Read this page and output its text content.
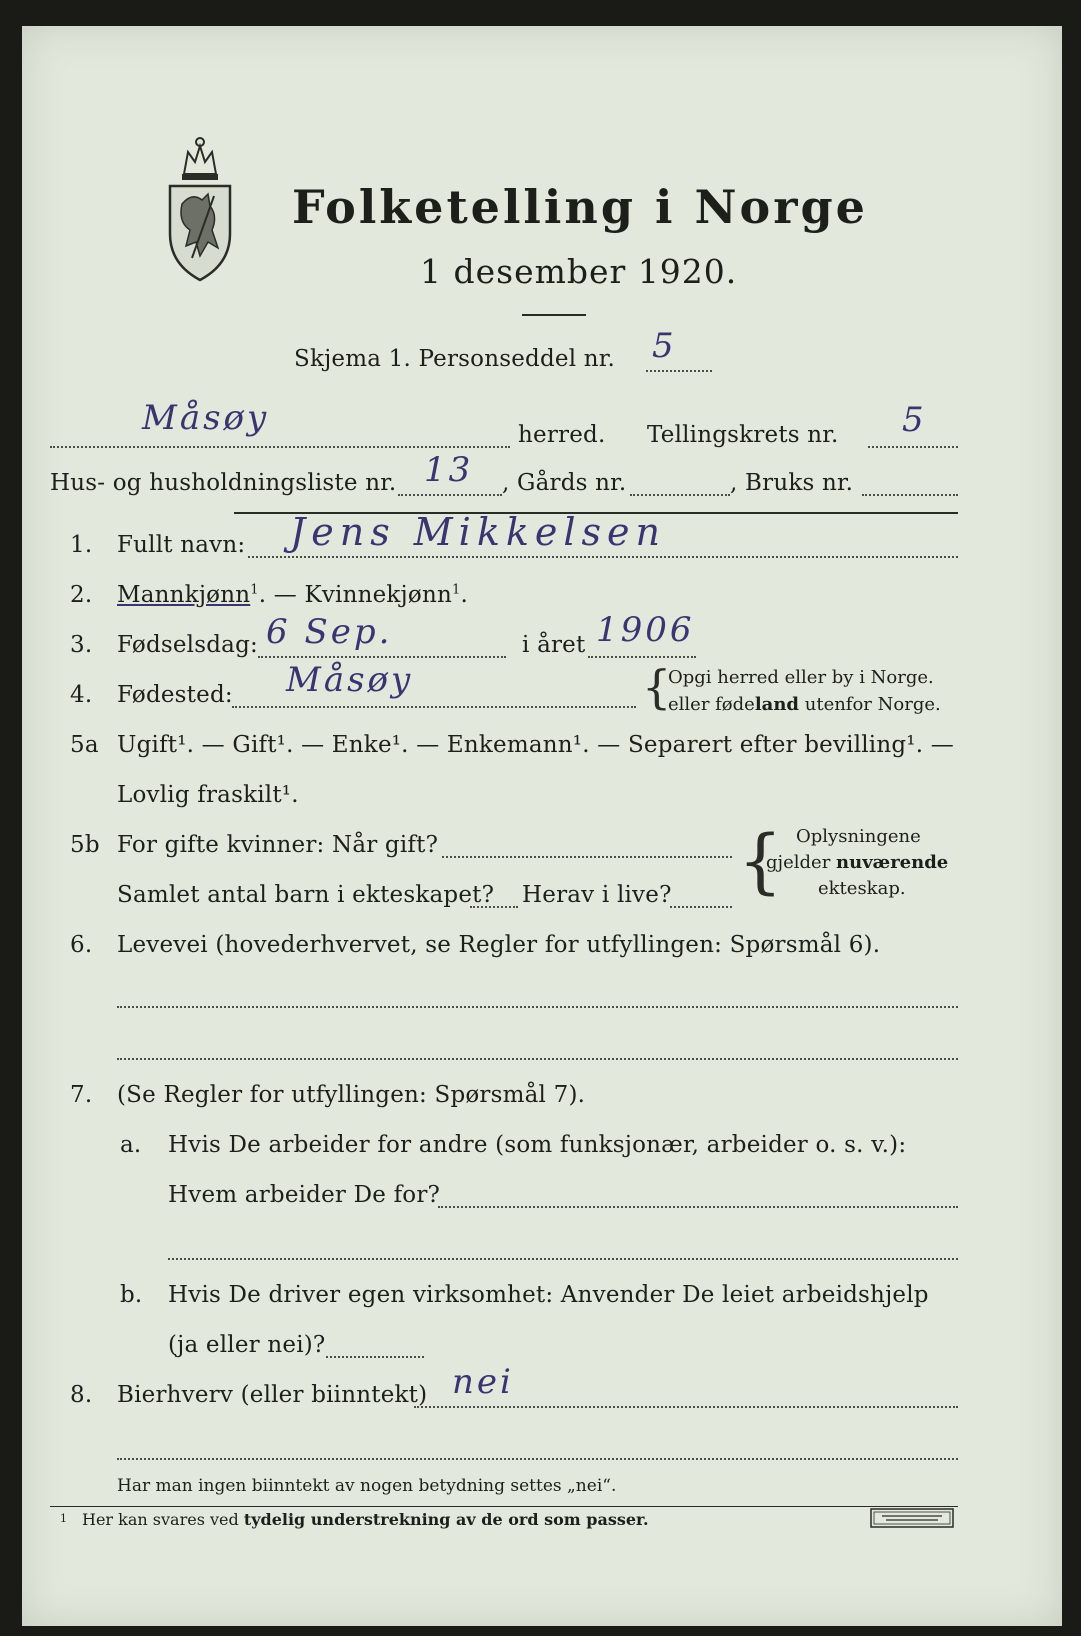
Folketelling i Norge
1 desember 1920.
Skjema 1. Personseddel nr. 5
Måsøy	herred. Tellingskrets nr. 5
Hus- og husholdningsliste nr. 13 , Gårds nr.	, Bruks nr.
1.	Fullt navn: Jens Mikkelsen
2.	Mannkjønn$^1$. — Kvinnekjønn$^1$.
3.	Fødselsdag: 6 Sep.	i året 1906
4.	Fødested: Måsøy	{
Opgi herred eller by i Norge.
eller fødeland utenfor Norge.
5a Ugift¹. — Gift¹. — Enke¹. — Enkemann¹. — Separert efter bevilling¹. —
Lovlig fraskilt¹.
5b For gifte kvinner: Når gift?
Samlet antal barn i ekteskapet? Herav i live? { Oplysningene
gjelder nuværende
ekteskap.
6.	Levevei (hovederhvervet, se Regler for utfyllingen: Spørsmål 6).
7.	(Se Regler for utfyllingen: Spørsmål 7).
a. Hvis De arbeider for andre (som funksjonær, arbeider o. s. v.):
Hvem arbeider De for?
b. Hvis De driver egen virksomhet: Anvender De leiet arbeidshjelp
(ja eller nei)?
8.	Bierhverv (eller biinntekt) nei
Har man ingen biinntekt av nogen betydning settes „nei“.
1 Her kan svares ved tydelig understrekning av de ord som passer.
